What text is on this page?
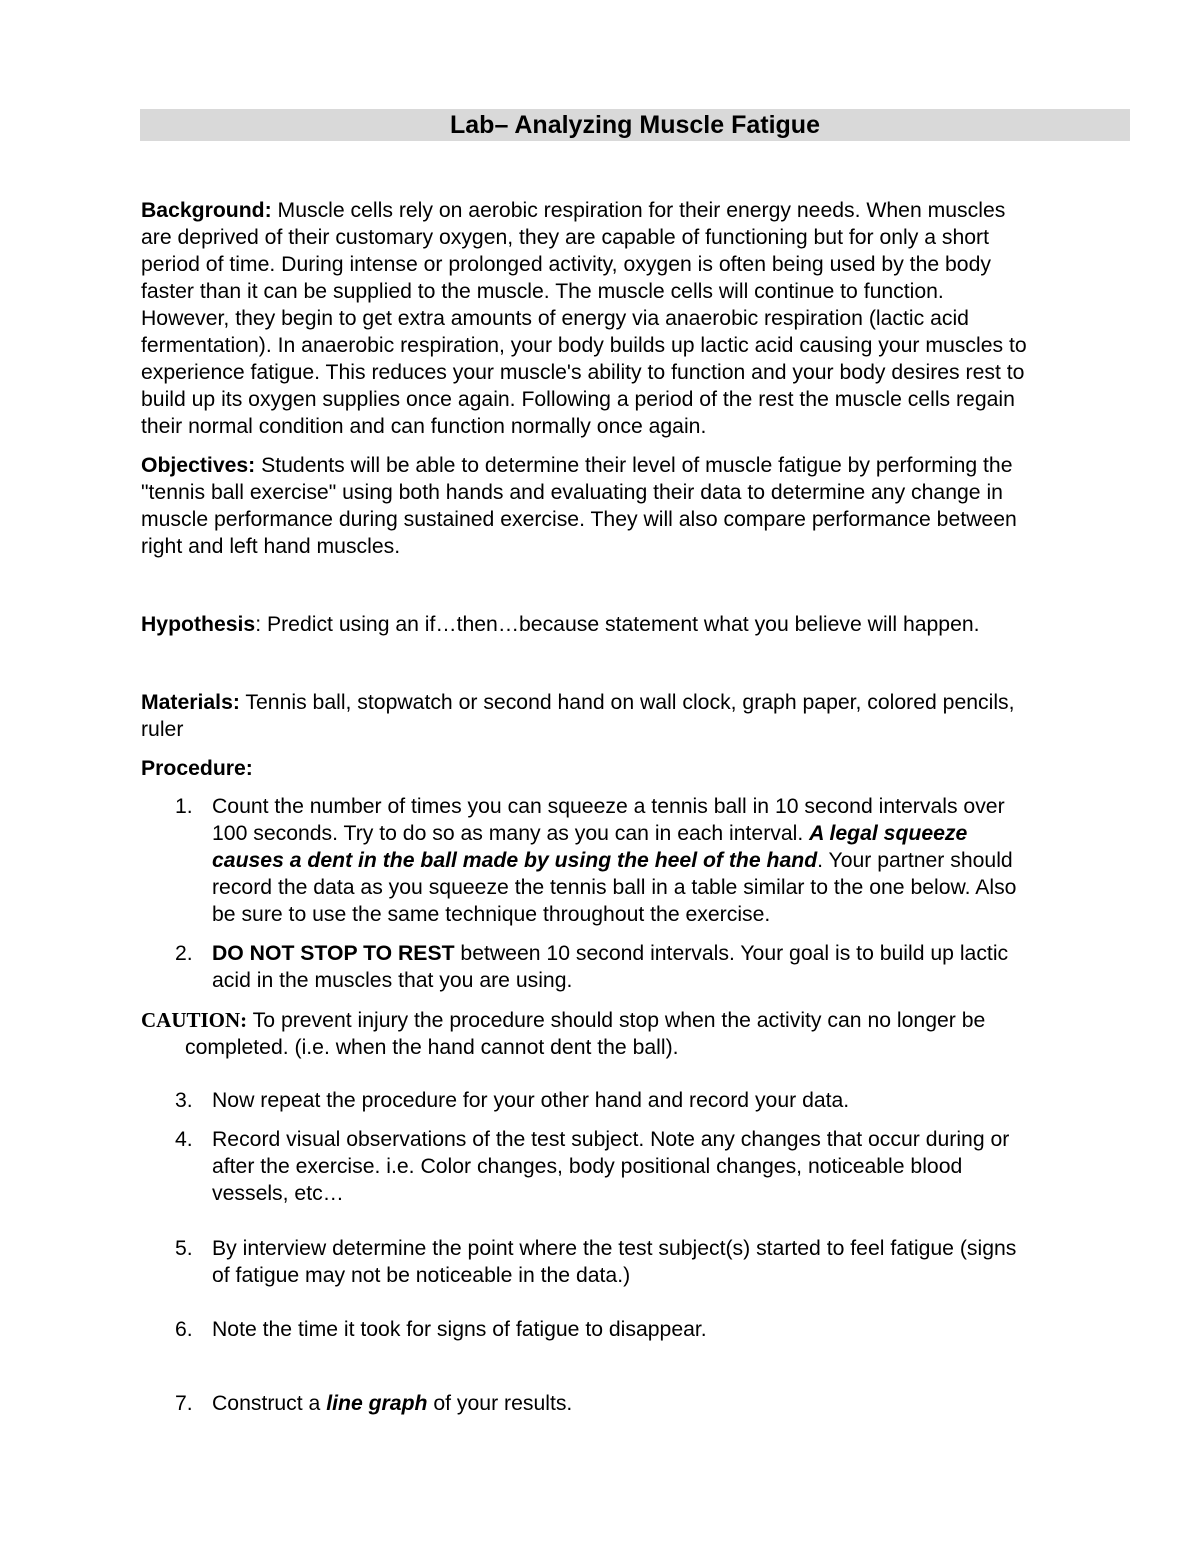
Lab– Analyzing Muscle Fatigue
Background: Muscle cells rely on aerobic respiration for their energy needs. When muscles
are deprived of their customary oxygen, they are capable of functioning but for only a short
period of time. During intense or prolonged activity, oxygen is often being used by the body
faster than it can be supplied to the muscle. The muscle cells will continue to function.
However, they begin to get extra amounts of energy via anaerobic respiration (lactic acid
fermentation). In anaerobic respiration, your body builds up lactic acid causing your muscles to
experience fatigue. This reduces your muscle's ability to function and your body desires rest to
build up its oxygen supplies once again. Following a period of the rest the muscle cells regain
their normal condition and can function normally once again.
Objectives: Students will be able to determine their level of muscle fatigue by performing the
"tennis ball exercise" using both hands and evaluating their data to determine any change in
muscle performance during sustained exercise. They will also compare performance between
right and left hand muscles.
Hypothesis: Predict using an if…then…because statement what you believe will happen.
Materials: Tennis ball, stopwatch or second hand on wall clock, graph paper, colored pencils,
ruler
Procedure:
1. Count the number of times you can squeeze a tennis ball in 10 second intervals over
100 seconds. Try to do so as many as you can in each interval. A legal squeeze
causes a dent in the ball made by using the heel of the hand. Your partner should
record the data as you squeeze the tennis ball in a table similar to the one below. Also
be sure to use the same technique throughout the exercise.
2. DO NOT STOP TO REST between 10 second intervals. Your goal is to build up lactic
acid in the muscles that you are using.
CAUTION: To prevent injury the procedure should stop when the activity can no longer be
completed. (i.e. when the hand cannot dent the ball).
3. Now repeat the procedure for your other hand and record your data.
4. Record visual observations of the test subject. Note any changes that occur during or
after the exercise. i.e. Color changes, body positional changes, noticeable blood
vessels, etc…
5. By interview determine the point where the test subject(s) started to feel fatigue (signs
of fatigue may not be noticeable in the data.)
6. Note the time it took for signs of fatigue to disappear.
7. Construct a line graph of your results.
